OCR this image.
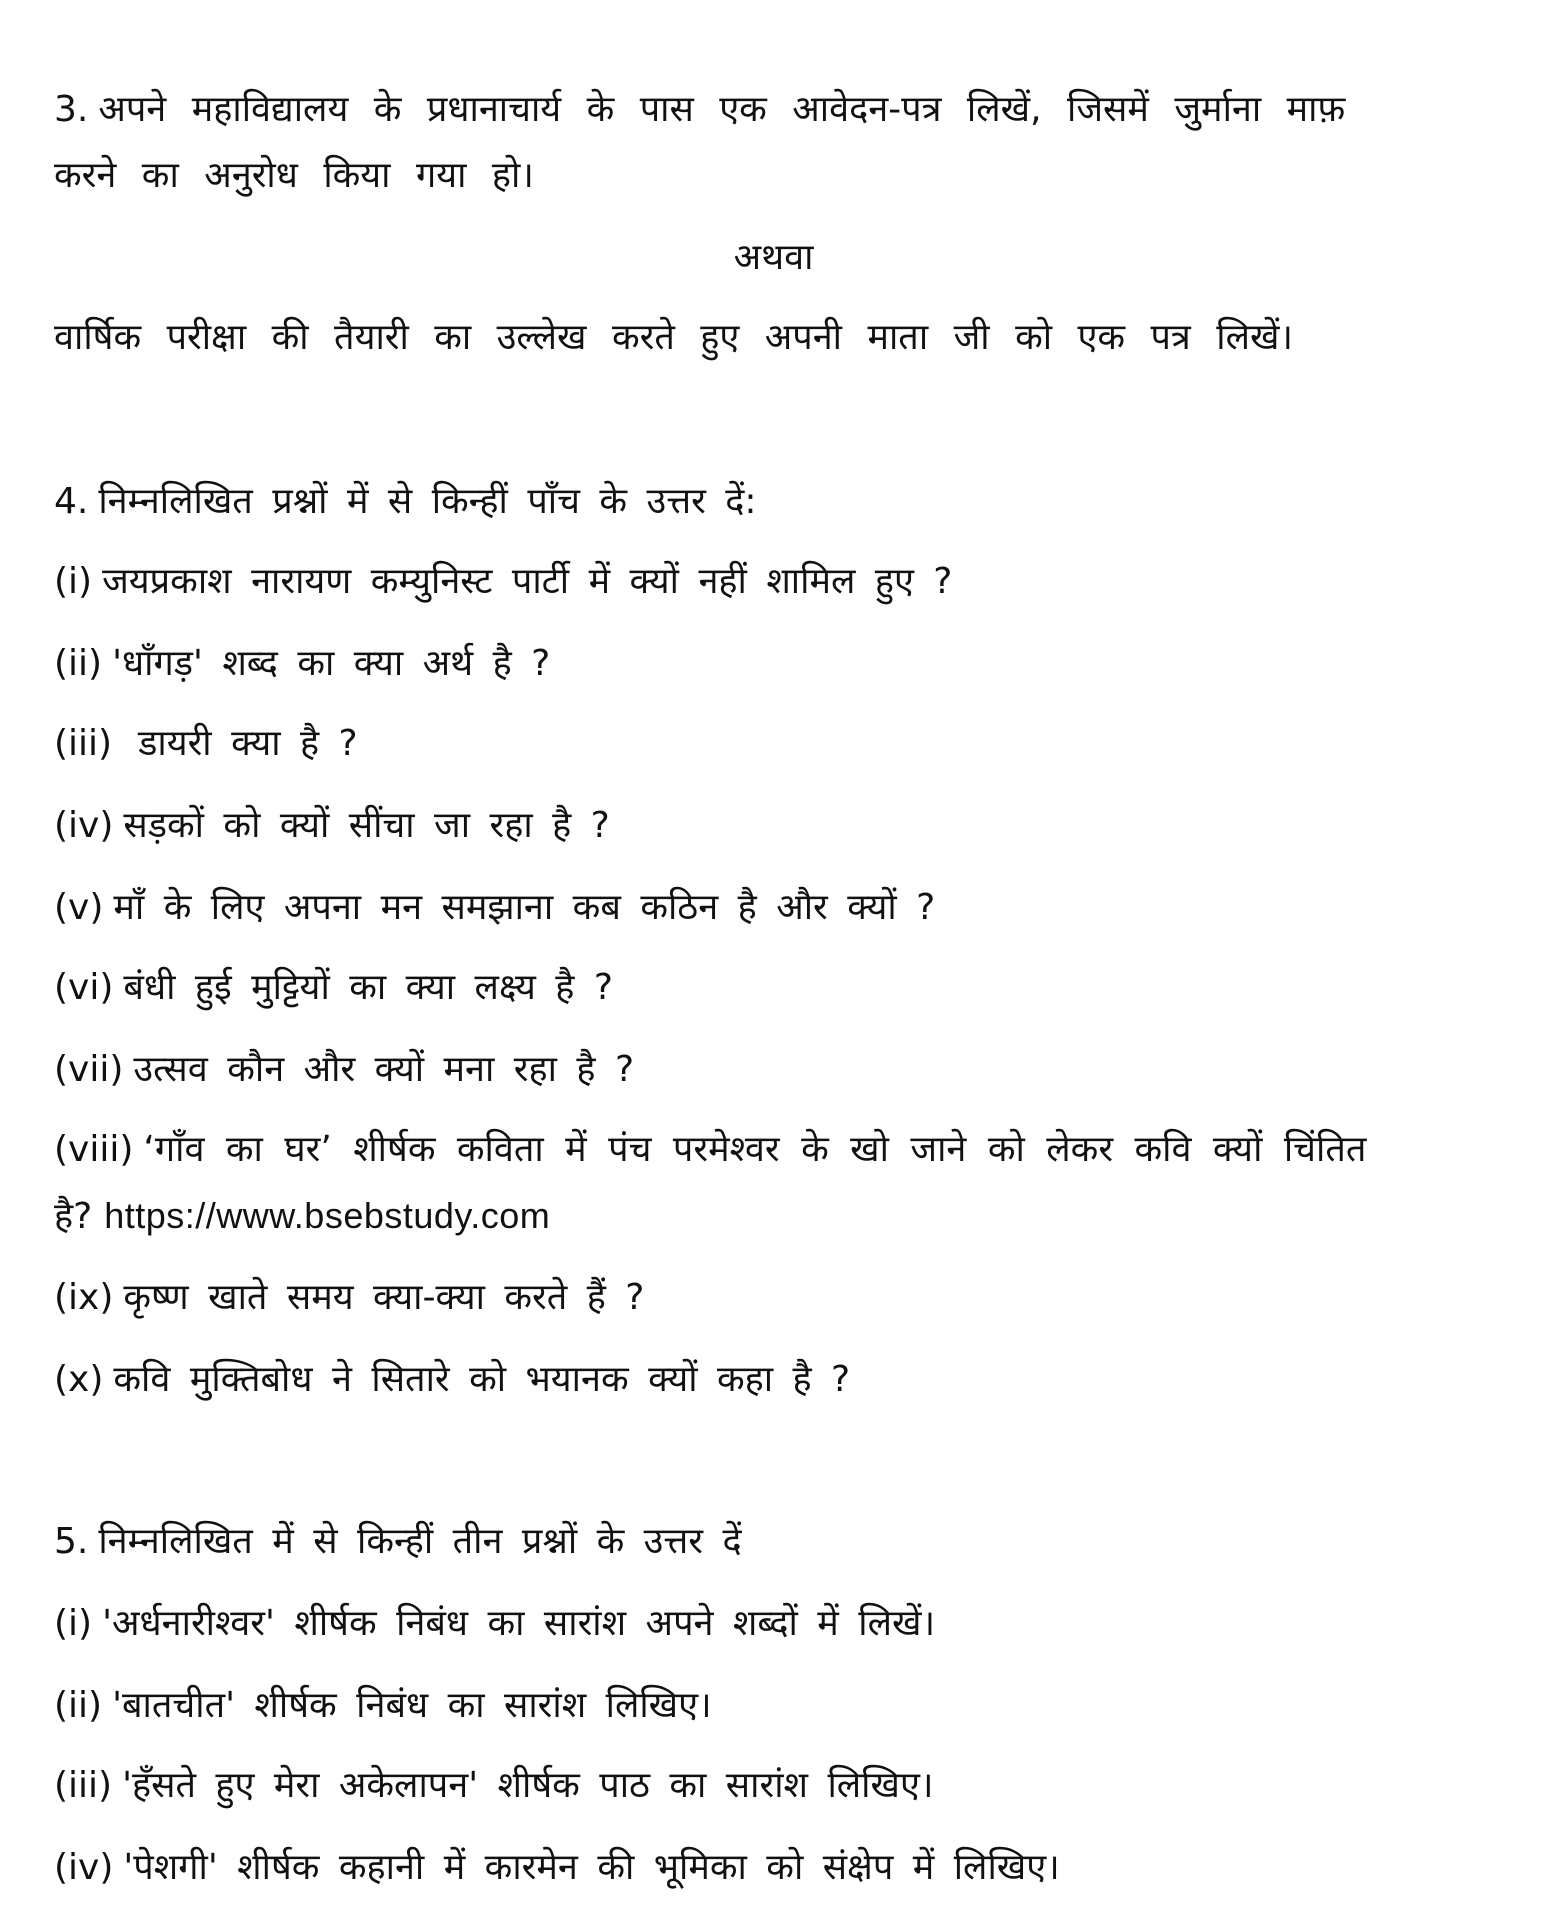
3. अपने महाविद्यालय के प्रधानाचार्य के पास एक आवेदन-पत्र लिखें, जिसमें जुर्माना माफ़
करने का अनुरोध किया गया हो।
अथवा
वार्षिक परीक्षा की तैयारी का उल्लेख करते हुए अपनी माता जी को एक पत्र लिखें।
4. निम्नलिखित प्रश्नों में से किन्हीं पाँच के उत्तर दें:
(i) जयप्रकाश नारायण कम्युनिस्ट पार्टी में क्यों नहीं शामिल हुए ?
(ii) 'धाँगड़' शब्द का क्या अर्थ है ?
(iii) डायरी क्या है ?
(iv) सड़कों को क्यों सींचा जा रहा है ?
(v) माँ के लिए अपना मन समझाना कब कठिन है और क्यों ?
(vi) बंधी हुई मुट्टियों का क्या लक्ष्य है ?
(vii) उत्सव कौन और क्यों मना रहा है ?
(viii) ‘गाँव का घर’ शीर्षक कविता में पंच परमेश्वर के खो जाने को लेकर कवि क्यों चिंतित
है? https://www.bsebstudy.com
(ix) कृष्ण खाते समय क्या-क्या करते हैं ?
(x) कवि मुक्तिबोध ने सितारे को भयानक क्यों कहा है ?
5. निम्नलिखित में से किन्हीं तीन प्रश्नों के उत्तर दें
(i) 'अर्धनारीश्वर' शीर्षक निबंध का सारांश अपने शब्दों में लिखें।
(ii) 'बातचीत' शीर्षक निबंध का सारांश लिखिए।
(iii) 'हँसते हुए मेरा अकेलापन' शीर्षक पाठ का सारांश लिखिए।
(iv) 'पेशगी' शीर्षक कहानी में कारमेन की भूमिका को संक्षेप में लिखिए।
